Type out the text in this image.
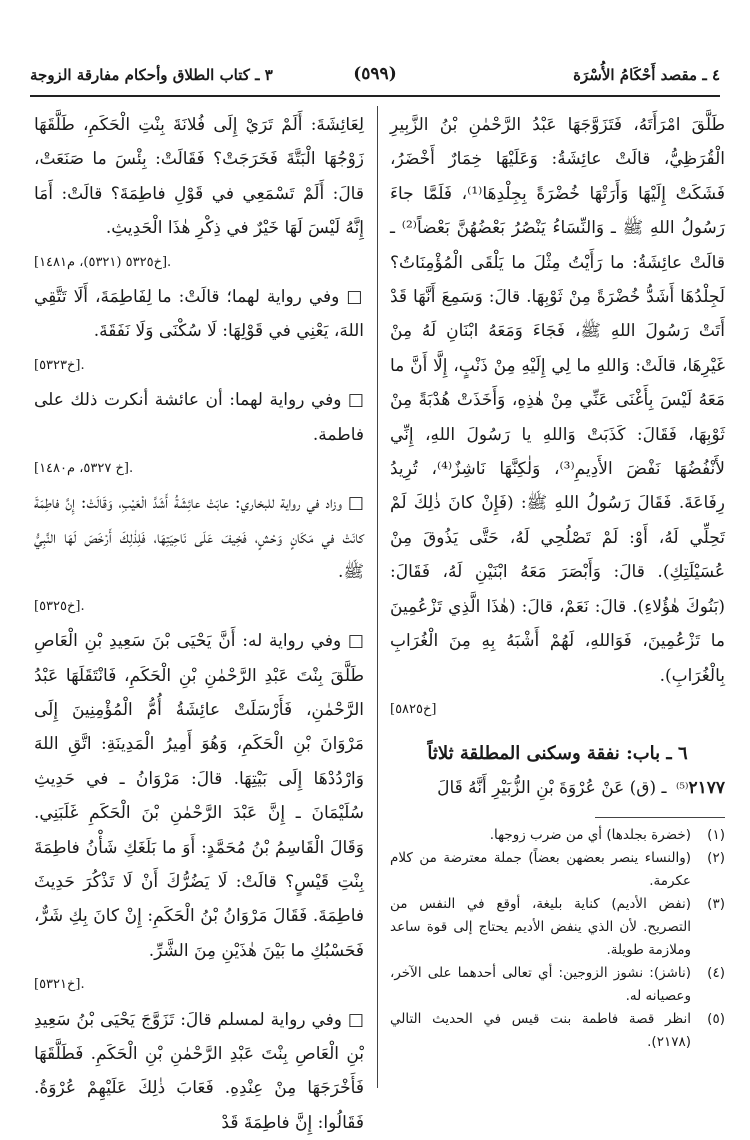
٤ ـ مقصد أَحْكَامُ الأُسْرَة
(٥٩٩)
٣ ـ كتاب الطلاق وأحكام مفارقة الزوجة

طَلَّقَ امْرَأَتَهُ، فَتَزَوَّجَهَا عَبْدُ الرَّحْمٰنِ بْنُ الزَّبِيرِ الْقُرَظِيُّ، قالَتْ عائِشَةُ: وَعَلَيْهَا خِمَارٌ أَخْضَرُ، فَشَكَتْ إِلَيْهَا وَأَرَتْهَا خُضْرَةً بِجِلْدِهَا⁽¹⁾، فَلَمَّا جاءَ رَسُولُ اللهِ ﷺ ـ وَالنِّسَاءُ يَنْصُرُ بَعْضُهُنَّ بَعْضاً⁽²⁾ ـ قالَتْ عائِشَةُ: ما رَأَيْتُ مِثْلَ ما يَلْقَى الْمُؤْمِنَاتُ؟ لَجِلْدُهَا أَشَدُّ خُضْرَةً مِنْ ثَوْبِهَا. قالَ: وَسَمِعَ أَنَّهَا قَدْ أَتَتْ رَسُولَ اللهِ ﷺ، فَجَاءَ وَمَعَهُ ابْنَانِ لَهُ مِنْ غَيْرِهَا، قالَتْ: وَاللهِ ما لِي إِلَيْهِ مِنْ ذَنْبٍ، إِلَّا أَنَّ ما مَعَهُ لَيْسَ بِأَغْنَى عَنِّي مِنْ هٰذِهِ، وَأَخَذَتْ هُدْبَةً مِنْ ثَوْبِهَا، فَقَالَ: كَذَبَتْ وَاللهِ يا رَسُولَ اللهِ، إِنِّي لأَنْفُضُهَا نَفْضَ الأَدِيمِ⁽³⁾، وَلٰكِنَّهَا نَاشِزٌ⁽⁴⁾، تُرِيدُ رِفَاعَةَ. فَقَالَ رَسُولُ اللهِ ﷺ: (فَإِنْ كانَ ذٰلِكَ لَمْ تَحِلِّي لَهُ، أَوْ: لَمْ تَصْلُحِي لَهُ، حَتَّى يَذُوقَ مِنْ عُسَيْلَتِكِ). قالَ: وَأَبْصَرَ مَعَهُ ابْنَيْنِ لَهُ، فَقَالَ: (بَنُوكَ هٰؤُلاءِ). قالَ: نَعَمْ، قالَ: (هٰذَا الَّذِي تَزْعُمِينَ ما تَزْعُمِينَ، فَوَاللهِ، لَهُمْ أَشْبَهُ بِهِ مِنَ الْغُرَابِ بِالْغُرَابِ).
[خ٥٨٢٥]

٦ ـ باب: نفقة وسكنى المطلقة ثلاثاً

٢١٧٧⁽⁵⁾ ـ (ق) عَنْ عُرْوَةَ بْنِ الزُّبَيْرِ أَنَّهُ قَالَ

(١)
(خضرة بجلدها) أي من ضرب زوجها.
(٢)
(والنساء ينصر بعضهن بعضاً) جملة معترضة من كلام عكرمة.
(٣)
(نفض الأديم) كناية بليغة، أوقع في النفس من التصريح. لأن الذي ينفض الأديم يحتاج إلى قوة ساعد وملازمة طويلة.
(٤)
(ناشز): نشوز الزوجين: أي تعالى أحدهما على الآخر، وعصيانه له.
(٥)
انظر قصة فاطمة بنت قيس في الحديث التالي (٢١٧٨).

لِعَائِشَةَ: أَلَمْ تَرَيْ إِلَى فُلانَةَ بِنْتِ الْحَكَمِ، طَلَّقَهَا زَوْجُهَا الْبَتَّةَ فَخَرَجَتْ؟ فَقَالَتْ: بِئْسَ ما صَنَعَتْ، قالَ: أَلَمْ تَسْمَعِي في قَوْلِ فاطِمَةَ؟ قالَتْ: أَمَا إِنَّهُ لَيْسَ لَهَا خَيْرٌ في ذِكْرِ هٰذَا الْحَدِيثِ.
[خ٥٣٢٥ (٥٣٢١)، م١٤٨١].

□ وفي رواية لهما؛ قالَتْ: ما لِفَاطِمَةَ، أَلَا تَتَّقِي اللهَ، يَعْنِي في قَوْلِهَا: لَا سُكْنَى وَلَا نَفَقَةَ.
[خ٥٣٢٣].

□ وفي رواية لهما: أن عائشة أنكرت ذلك على فاطمة.
[خ ٥٣٢٧، م١٤٨٠].

□ وزاد في رواية للبخاري: عابَتْ عائِشَةُ أَشَدَّ الْعَيْبِ، وَقَالَتْ: إِنَّ فاطِمَةَ كانَتْ في مَكَانٍ وَحْشٍ، فَخِيفَ عَلَى نَاحِيَتِهَا، فَلِذٰلِكَ أَرْخَصَ لَهَا النَّبِيُّ ﷺ.
[خ٥٣٢٥].

□ وفي رواية له: أَنَّ يَحْيَى بْنَ سَعِيدِ بْنِ الْعَاصِ طَلَّقَ بِنْتَ عَبْدِ الرَّحْمٰنِ بْنِ الْحَكَمِ، فَانْتَقَلَهَا عَبْدُ الرَّحْمٰنِ، فَأَرْسَلَتْ عائِشَةُ أُمُّ الْمُؤْمِنِينَ إِلَى مَرْوَانَ بْنِ الْحَكَمِ، وَهُوَ أَمِيرُ الْمَدِينَةِ: اتَّقِ اللهَ وَارْدُدْهَا إِلَى بَيْتِهَا. قالَ: مَرْوَانُ ـ في حَدِيثِ سُلَيْمَانَ ـ إِنَّ عَبْدَ الرَّحْمٰنِ بْنَ الْحَكَمِ غَلَبَنِي. وَقَالَ الْقَاسِمُ بْنُ مُحَمَّدٍ: أَوَ ما بَلَغَكِ شَأْنُ فاطِمَةَ بِنْتِ قَيْسٍ؟ قالَتْ: لَا يَضُرُّكَ أَنْ لَا تَذْكُرَ حَدِيثَ فاطِمَةَ. فَقَالَ مَرْوَانُ بْنُ الْحَكَمِ: إِنْ كانَ بِكِ شَرٌّ، فَحَسْبُكِ ما بَيْنَ هٰذَيْنِ مِنَ الشَّرِّ.
[خ٥٣٢١].

□ وفي رواية لمسلم قالَ: تَزَوَّجَ يَحْيَى بْنُ سَعِيدِ بْنِ الْعَاصِ بِنْتَ عَبْدِ الرَّحْمٰنِ بْنِ الْحَكَمِ. فَطَلَّقَهَا فَأَخْرَجَهَا مِنْ عِنْدِهِ. فَعَابَ ذٰلِكَ عَلَيْهِمْ عُرْوَةُ. فَقَالُوا: إِنَّ فاطِمَةَ قَدْ
